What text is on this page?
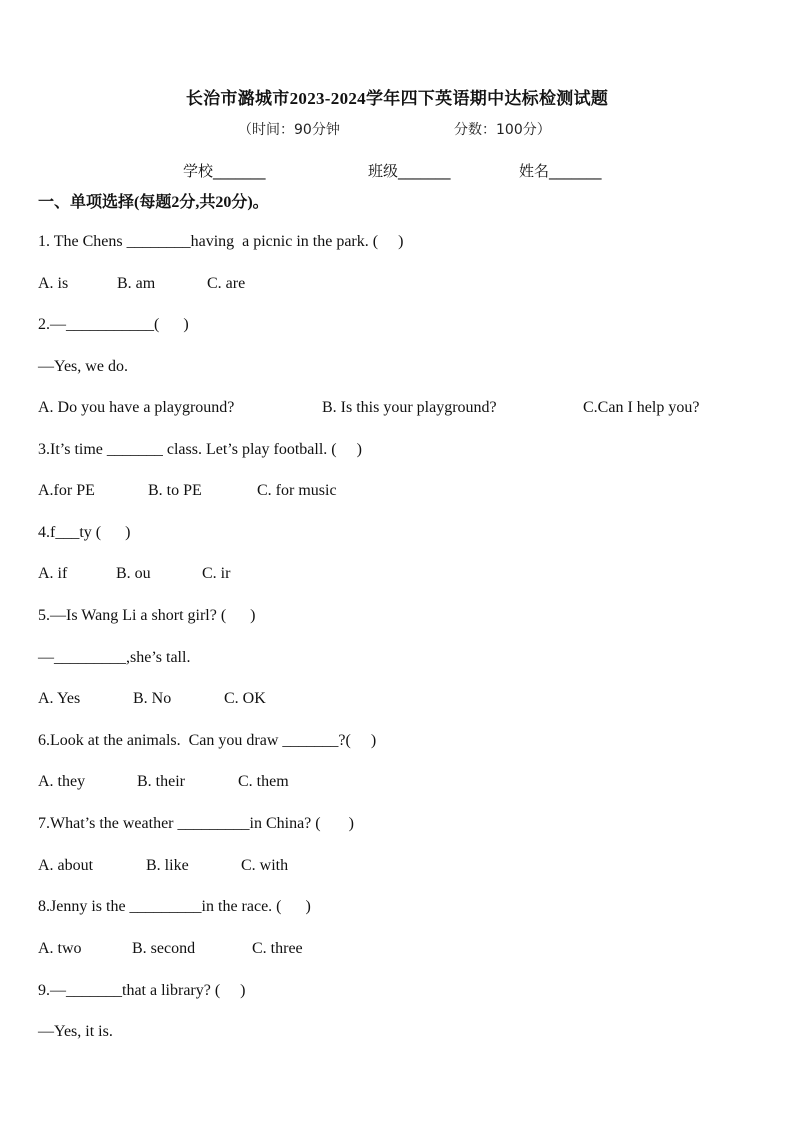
长治市潞城市2023-2024学年四下英语期中达标检测试题
（时间：90分钟	分数：100分）
学校_______	班级_______	姓名_______
一、单项选择(每题2分,共20分)。
1. The Chens ________having  a picnic in the park. (     )
A. is	B. am	C. are
2.—___________(      )
—Yes, we do.
A. Do you have a playground?	B. Is this your playground?	C.Can I help you?
3.It’s time _______ class. Let’s play football. (     )
A.for PE	B. to PE	C. for music
4.f___ty (      )
A. if	B. ou	C. ir
5.—Is Wang Li a short girl? (      )
—_________,she’s tall.
A. Yes	B. No	C. OK
6.Look at the animals.  Can you draw _______?(     )
A. they	B. their	C. them
7.What’s the weather _________in China? (       )
A. about	B. like	C. with
8.Jenny is the _________in the race. (      )
A. two	B. second	C. three
9.—_______that a library? (     )
—Yes, it is.
